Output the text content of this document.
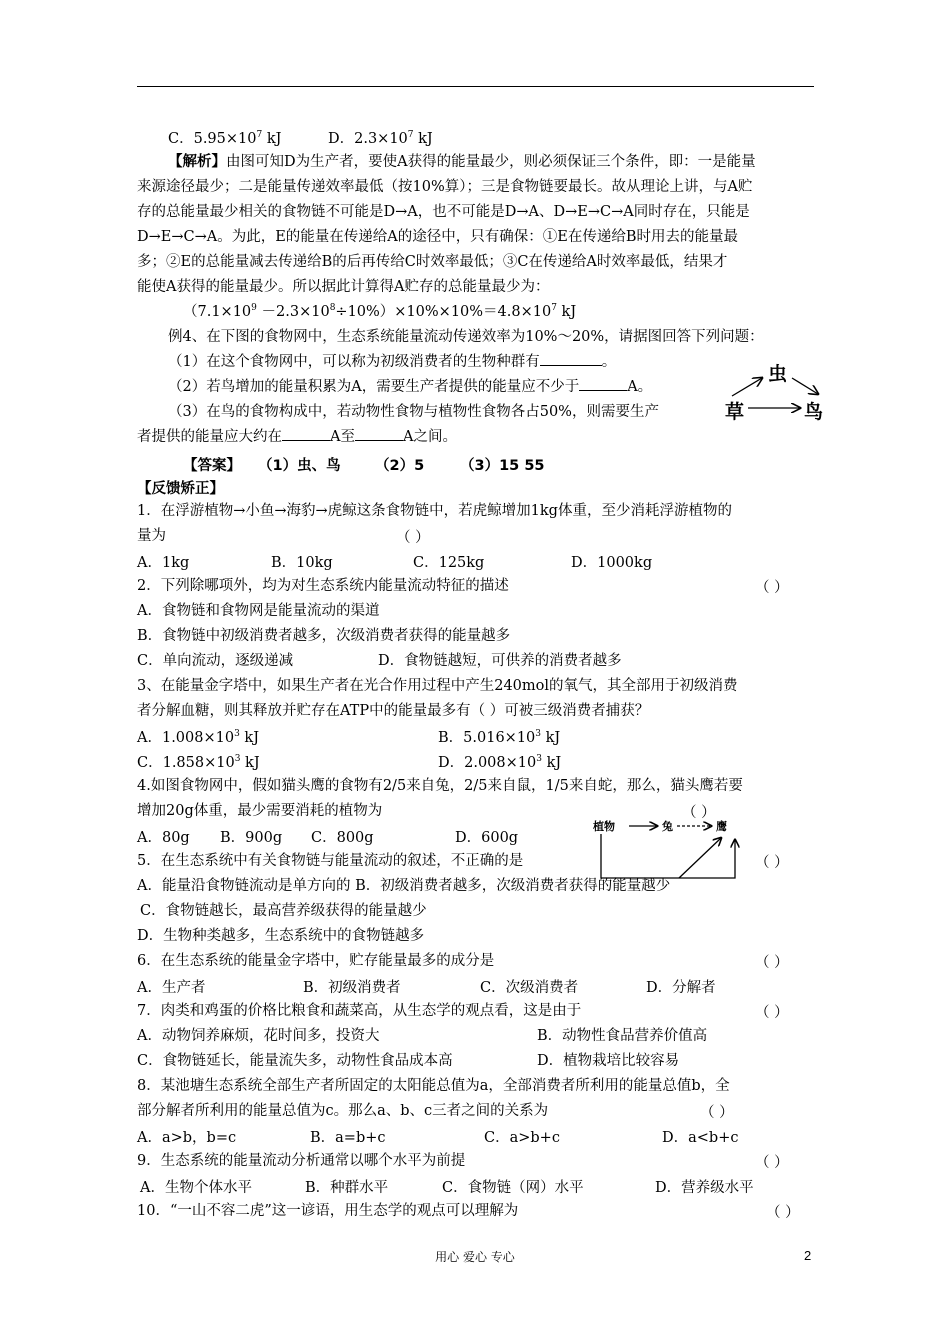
C．$5.95\times 10^7$ kJ	D．$2.3\times 10^7$ kJ
【解析】由图可知D为生产者，要使A获得的能量最少，则必须保证三个条件，即：一是能量
来源途径最少；二是能量传递效率最低（按10%算）；三是食物链要最长。故从理论上讲，与A贮
存的总能量最少相关的食物链不可能是D→A，也不可能是D→A、D→E→C→A同时存在，只能是
D→E→C→A。为此，E的能量在传递给A的途径中，只有确保：①E在传递给B时用去的能量最
多；②E的总能量减去传递给B的后再传给C时效率最低；③C在传递给A时效率最低，结果才
能使A获得的能量最少。所以据此计算得A贮存的总能量最少为：
$(7.1\times 10^9 -2.3\times 10^8\div 10\%)\times 10\%\times 10\%=4.8\times 10^7$ kJ
例4、在下图的食物网中，生态系统能量流动传递效率为10%～20%，请据图回答下列问题：
（1）在这个食物网中，可以称为初级消费者的生物种群有	。
（2）若鸟增加的能量积累为A，需要生产者提供的能量应不少于	A。
（3）在鸟的食物构成中，若动物性食物与植物性食物各占50%，则需要生产
者提供的能量应大约在	A至	A之间。
虫
草	鸟
【答案】 （1）虫、鸟 （2）5 （3）15 55
【反馈矫正】
1．在浮游植物→小鱼→海豹→虎鲸这条食物链中，若虎鲸增加1kg体重，至少消耗浮游植物的
量为	（ ）
A．1kg	B．10kg	C．125kg	D．1000kg
2．下列除哪项外，均为对生态系统内能量流动特征的描述	（ ）
A．食物链和食物网是能量流动的渠道
B．食物链中初级消费者越多，次级消费者获得的能量越多
C．单向流动，逐级递减	D．食物链越短，可供养的消费者越多
3、在能量金字塔中，如果生产者在光合作用过程中产生240mol的氧气，其全部用于初级消费
者分解血糖，则其释放并贮存在ATP中的能量最多有（ ）可被三级消费者捕获？
A．$1.008\times 10^3$ kJ	B．$5.016\times 10^3$ kJ
C．$1.858\times 10^3$ kJ	D．$2.008\times 10^3$ kJ
4.如图食物网中，假如猫头鹰的食物有2/5来自兔，2/5来自鼠，1/5来自蛇，那么，猫头鹰若要
增加20g体重，最少需要消耗的植物为	（ ）
A．80g B．900g C．800g	D．600g
植物	兔	鹰
5．在生态系统中有关食物链与能量流动的叙述，不正确的是	（ ）
A．能量沿食物链流动是单方向的 B．初级消费者越多，次级消费者获得的能量越少
C．食物链越长，最高营养级获得的能量越少
D．生物种类越多，生态系统中的食物链越多
6．在生态系统的能量金字塔中，贮存能量最多的成分是	（ ）
A．生产者	B．初级消费者	C．次级消费者	D．分解者
7．肉类和鸡蛋的价格比粮食和蔬菜高，从生态学的观点看，这是由于	（ ）
A．动物饲养麻烦，花时间多，投资大	B．动物性食品营养价值高
C．食物链延长，能量流失多，动物性食品成本高	D．植物栽培比较容易
8．某池塘生态系统全部生产者所固定的太阳能总值为a，全部消费者所利用的能量总值b，全
部分解者所利用的能量总值为c。那么a、b、c三者之间的关系为	（ ）
A．a>b，b=c	B．a=b+c	C．a>b+c	D．a<b+c
9．生态系统的能量流动分析通常以哪个水平为前提	（ ）
A．生物个体水平	B．种群水平	C．食物链（网）水平	D．营养级水平
10．“一山不容二虎”这一谚语，用生态学的观点可以理解为	（ ）
用心 爱心 专心	2
